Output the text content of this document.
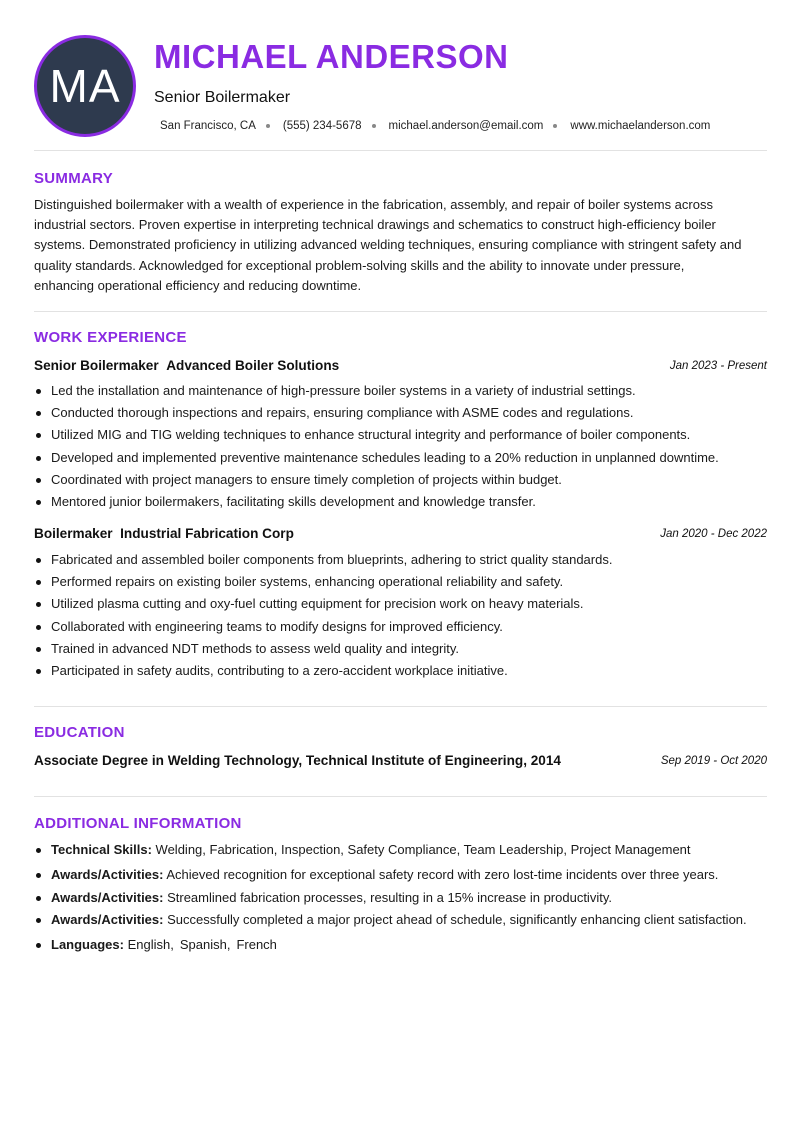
MA
MICHAEL ANDERSON
Senior Boilermaker
San Francisco, CA (555) 234-5678 michael.anderson@email.com www.michaelanderson.com
SUMMARY
Distinguished boilermaker with a wealth of experience in the fabrication, assembly, and repair of boiler systems across
industrial sectors. Proven expertise in interpreting technical drawings and schematics to construct high-efficiency boiler
systems. Demonstrated proficiency in utilizing advanced welding techniques, ensuring compliance with stringent safety and
quality standards. Acknowledged for exceptional problem-solving skills and the ability to innovate under pressure,
enhancing operational efficiency and reducing downtime.
WORK EXPERIENCE
Senior Boilermaker Advanced Boiler Solutions	Jan 2023 - Present
Led the installation and maintenance of high-pressure boiler systems in a variety of industrial settings.
Conducted thorough inspections and repairs, ensuring compliance with ASME codes and regulations.
Utilized MIG and TIG welding techniques to enhance structural integrity and performance of boiler components.
Developed and implemented preventive maintenance schedules leading to a 20% reduction in unplanned downtime.
Coordinated with project managers to ensure timely completion of projects within budget.
Mentored junior boilermakers, facilitating skills development and knowledge transfer.
Boilermaker Industrial Fabrication Corp	Jan 2020 - Dec 2022
Fabricated and assembled boiler components from blueprints, adhering to strict quality standards.
Performed repairs on existing boiler systems, enhancing operational reliability and safety.
Utilized plasma cutting and oxy-fuel cutting equipment for precision work on heavy materials.
Collaborated with engineering teams to modify designs for improved efficiency.
Trained in advanced NDT methods to assess weld quality and integrity.
Participated in safety audits, contributing to a zero-accident workplace initiative.
EDUCATION
Associate Degree in Welding Technology, Technical Institute of Engineering, 2014	Sep 2019 - Oct 2020
ADDITIONAL INFORMATION
Technical Skills: Welding, Fabrication, Inspection, Safety Compliance, Team Leadership, Project Management
Awards/Activities: Achieved recognition for exceptional safety record with zero lost-time incidents over three years.
Awards/Activities: Streamlined fabrication processes, resulting in a 15% increase in productivity.
Awards/Activities: Successfully completed a major project ahead of schedule, significantly enhancing client satisfaction.
Languages: English, Spanish, French
